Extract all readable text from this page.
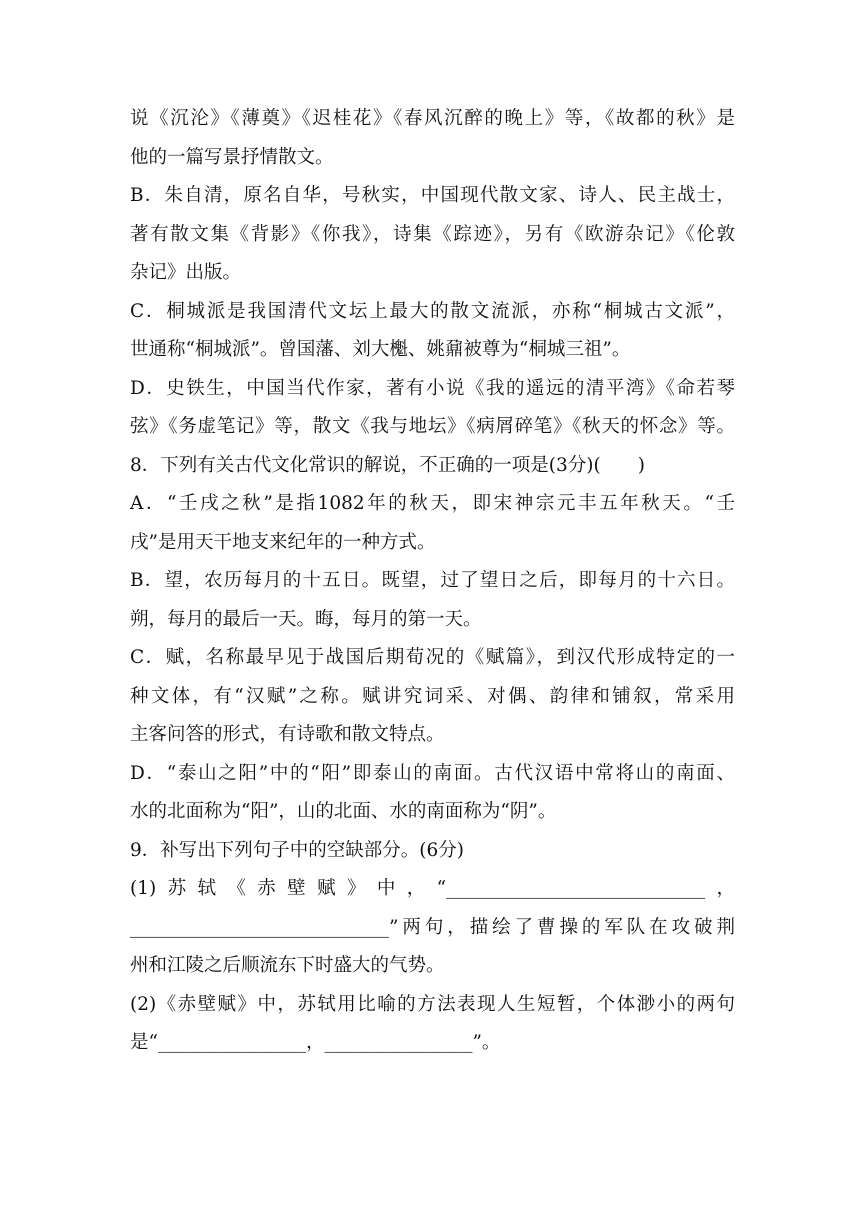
说《沉沦》《薄奠》《迟桂花》《春风沉醉的晚上》等，《故都的秋》是
他的一篇写景抒情散文。
B．朱自清，原名自华，号秋实，中国现代散文家、诗人、民主战士，
著有散文集《背影》《你我》，诗集《踪迹》，另有《欧游杂记》《伦敦
杂记》出版。
C．桐城派是我国清代文坛上最大的散文流派，亦称“桐城古文派”，
世通称“桐城派”。曾国藩、刘大櫆、姚鼐被尊为“桐城三祖”。
D．史铁生，中国当代作家，著有小说《我的遥远的清平湾》《命若琴
弦》《务虚笔记》等，散文《我与地坛》《病屑碎笔》《秋天的怀念》等。
8．下列有关古代文化常识的解说，不正确的一项是(3分)(　　)
A．“壬戌之秋”是指1082年的秋天，即宋神宗元丰五年秋天。“壬
戌”是用天干地支来纪年的一种方式。
B．望，农历每月的十五日。既望，过了望日之后，即每月的十六日。
朔，每月的最后一天。晦，每月的第一天。
C．赋，名称最早见于战国后期荀况的《赋篇》，到汉代形成特定的一
种文体，有“汉赋”之称。赋讲究词采、对偶、韵律和铺叙，常采用
主客问答的形式，有诗歌和散文特点。
D．“泰山之阳”中的“阳”即泰山的南面。古代汉语中常将山的南面、
水的北面称为“阳”，山的北面、水的南面称为“阴”。
9．补写出下列句子中的空缺部分。(6分)
(1)苏轼《赤壁赋》中，“____________________________，
____________________________”两句，描绘了曹操的军队在攻破荆
州和江陵之后顺流东下时盛大的气势。
(2)《赤壁赋》中，苏轼用比喻的方法表现人生短暂，个体渺小的两句
是“________________，________________”。
